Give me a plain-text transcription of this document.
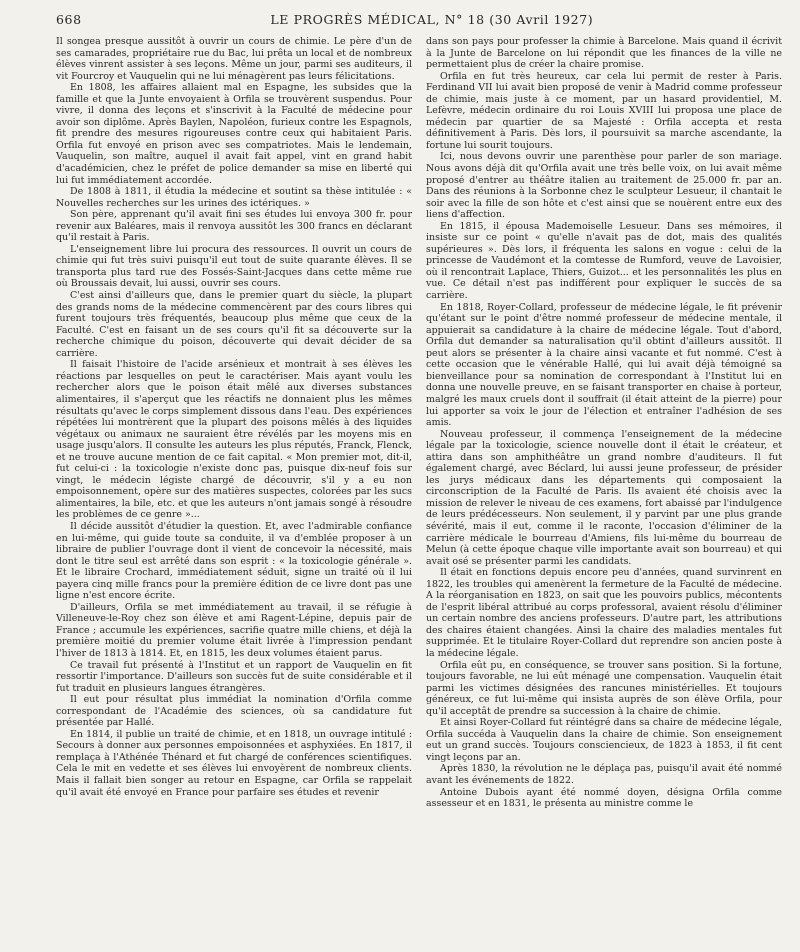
668	LE PROGRÈS MÉDICAL, N° 18 (30 Avril 1927)

Il songea presque aussitôt à ouvrir un cours de chimie. Le père d'un de ses camarades, propriétaire rue du Bac, lui prêta un local et de nombreux élèves vinrent assister à ses leçons. Même un jour, parmi ses auditeurs, il vit Fourcroy et Vauquelin qui ne lui ménagèrent pas leurs félicitations.

En 1808, les affaires allaient mal en Espagne, les subsides que la famille et que la Junte envoyaient à Orfila se trouvèrent suspendus. Pour vivre, il donna des leçons et s'inscrivit à la Faculté de médecine pour avoir son diplôme. Après Baylen, Napoléon, furieux contre les Espagnols, fit prendre des mesures rigoureuses contre ceux qui habitaient Paris. Orfila fut envoyé en prison avec ses compatriotes. Mais le lendemain, Vauquelin, son maître, auquel il avait fait appel, vint en grand habit d'académicien, chez le préfet de police demander sa mise en liberté qui lui fut immédiatement accordée.

De 1808 à 1811, il étudia la médecine et soutint sa thèse intitulée : « Nouvelles recherches sur les urines des ictériques. »

Son père, apprenant qu'il avait fini ses études lui envoya 300 fr. pour revenir aux Baléares, mais il renvoya aussitôt les 300 francs en déclarant qu'il restait à Paris.

L'enseignement libre lui procura des ressources. Il ouvrit un cours de chimie qui fut très suivi puisqu'il eut tout de suite quarante élèves. Il se transporta plus tard rue des Fossés-Saint-Jacques dans cette même rue où Broussais devait, lui aussi, ouvrir ses cours.

C'est ainsi d'ailleurs que, dans le premier quart du siècle, la plupart des grands noms de la médecine commencèrent par des cours libres qui furent toujours très fréquentés, beaucoup plus même que ceux de la Faculté. C'est en faisant un de ses cours qu'il fit sa découverte sur la recherche chimique du poison, découverte qui devait décider de sa carrière.

Il faisait l'histoire de l'acide arsénieux et montrait à ses élèves les réactions par lesquelles on peut le caractériser. Mais ayant voulu les rechercher alors que le poison était mêlé aux diverses substances alimentaires, il s'aperçut que les réactifs ne donnaient plus les mêmes résultats qu'avec le corps simplement dissous dans l'eau. Des expériences répétées lui montrèrent que la plupart des poisons mêlés à des liquides végétaux ou animaux ne sauraient être révélés par les moyens mis en usage jusqu'alors. Il consulte les auteurs les plus réputés, Franck, Flenck, et ne trouve aucune mention de ce fait capital. « Mon premier mot, dit-il, fut celui-ci : la toxicologie n'existe donc pas, puisque dix-neuf fois sur vingt, le médecin légiste chargé de découvrir, s'il y a eu non empoisonnement, opère sur des matières suspectes, colorées par les sucs alimentaires, la bile, etc. et que les auteurs n'ont jamais songé à résoudre les problèmes de ce genre »...

Il décide aussitôt d'étudier la question. Et, avec l'admirable confiance en lui-même, qui guide toute sa conduite, il va d'emblée proposer à un libraire de publier l'ouvrage dont il vient de concevoir la nécessité, mais dont le titre seul est arrêté dans son esprit : « la toxicologie générale ». Et le libraire Crochard, immédiatement séduit, signe un traité où il lui payera cinq mille francs pour la première édition de ce livre dont pas une ligne n'est encore écrite.

D'ailleurs, Orfila se met immédiatement au travail, il se réfugie à Villeneuve-le-Roy chez son élève et ami Ragent-Lépine, depuis pair de France ; accumule les expériences, sacrifie quatre mille chiens, et déjà la première moitié du premier volume était livrée à l'impression pendant l'hiver de 1813 à 1814. Et, en 1815, les deux volumes étaient parus.

Ce travail fut présenté à l'Institut et un rapport de Vauquelin en fit ressortir l'importance. D'ailleurs son succès fut de suite considérable et il fut traduit en plusieurs langues étrangères.

Il eut pour résultat plus immédiat la nomination d'Orfila comme correspondant de l'Académie des sciences, où sa candidature fut présentée par Hallé.

En 1814, il publie un traité de chimie, et en 1818, un ouvrage intitulé : Secours à donner aux personnes empoisonnées et asphyxiées. En 1817, il remplaça à l'Athénée Thénard et fut chargé de conférences scientifiques. Cela le mit en vedette et ses élèves lui envoyèrent de nombreux clients. Mais il fallait bien songer au retour en Espagne, car Orfila se rappelait qu'il avait été envoyé en France pour parfaire ses études et revenir

dans son pays pour professer la chimie à Barcelone. Mais quand il écrivit à la Junte de Barcelone on lui répondit que les finances de la ville ne permettaient plus de créer la chaire promise.

Orfila en fut très heureux, car cela lui permit de rester à Paris. Ferdinand VII lui avait bien proposé de venir à Madrid comme professeur de chimie, mais juste à ce moment, par un hasard providentiel, M. Lefèvre, médecin ordinaire du roi Louis XVIII lui proposa une place de médecin par quartier de sa Majesté : Orfila accepta et resta définitivement à Paris. Dès lors, il poursuivit sa marche ascendante, la fortune lui sourit toujours.

Ici, nous devons ouvrir une parenthèse pour parler de son mariage. Nous avons déjà dit qu'Orfila avait une très belle voix, on lui avait même proposé d'entrer au théâtre italien au traitement de 25.000 fr. par an. Dans des réunions à la Sorbonne chez le sculpteur Lesueur, il chantait le soir avec la fille de son hôte et c'est ainsi que se nouèrent entre eux des liens d'affection.

En 1815, il épousa Mademoiselle Lesueur. Dans ses mémoires, il insiste sur ce point « qu'elle n'avait pas de dot, mais des qualités supérieures ». Dès lors, il fréquenta les salons en vogue : celui de la princesse de Vaudémont et la comtesse de Rumford, veuve de Lavoisier, où il rencontrait Laplace, Thiers, Guizot... et les personnalités les plus en vue. Ce détail n'est pas indifférent pour expliquer le succès de sa carrière.

En 1818, Royer-Collard, professeur de médecine légale, le fit prévenir qu'étant sur le point d'être nommé professeur de médecine mentale, il appuierait sa candidature à la chaire de médecine légale. Tout d'abord, Orfila dut demander sa naturalisation qu'il obtint d'ailleurs aussitôt. Il peut alors se présenter à la chaire ainsi vacante et fut nommé. C'est à cette occasion que le vénérable Hallé, qui lui avait déjà témoigné sa bienveillance pour sa nomination de correspondant à l'Institut lui en donna une nouvelle preuve, en se faisant transporter en chaise à porteur, malgré les maux cruels dont il souffrait (il était atteint de la pierre) pour lui apporter sa voix le jour de l'élection et entraîner l'adhésion de ses amis.

Nouveau professeur, il commença l'enseignement de la médecine légale par la toxicologie, science nouvelle dont il était le créateur, et attira dans son amphithéâtre un grand nombre d'auditeurs. Il fut également chargé, avec Béclard, lui aussi jeune professeur, de présider les jurys médicaux dans les départements qui composaient la circonscription de la Faculté de Paris. Ils avaient été choisis avec la mission de relever le niveau de ces examens, fort abaissé par l'indulgence de leurs prédécesseurs. Non seulement, il y parvint par une plus grande sévérité, mais il eut, comme il le raconte, l'occasion d'éliminer de la carrière médicale le bourreau d'Amiens, fils lui-même du bourreau de Melun (à cette époque chaque ville importante avait son bourreau) et qui avait osé se présenter parmi les candidats.

Il était en fonctions depuis encore peu d'années, quand survinrent en 1822, les troubles qui amenèrent la fermeture de la Faculté de médecine. A la réorganisation en 1823, on sait que les pouvoirs publics, mécontents de l'esprit libéral attribué au corps professoral, avaient résolu d'éliminer un certain nombre des anciens professeurs. D'autre part, les attributions des chaires étaient changées. Ainsi la chaire des maladies mentales fut supprimée. Et le titulaire Royer-Collard dut reprendre son ancien poste à la médecine légale.

Orfila eût pu, en conséquence, se trouver sans position. Si la fortune, toujours favorable, ne lui eût ménagé une compensation. Vauquelin était parmi les victimes désignées des rancunes ministérielles. Et toujours généreux, ce fut lui-même qui insista auprès de son élève Orfila, pour qu'il acceptât de prendre sa succession à la chaire de chimie.

Et ainsi Royer-Collard fut réintégré dans sa chaire de médecine légale, Orfila succéda à Vauquelin dans la chaire de chimie. Son enseignement eut un grand succès. Toujours consciencieux, de 1823 à 1853, il fit cent vingt leçons par an.

Après 1830, la révolution ne le déplaça pas, puisqu'il avait été nommé avant les événements de 1822.

Antoine Dubois ayant été nommé doyen, désigna Orfila comme assesseur et en 1831, le présenta au ministre comme le
